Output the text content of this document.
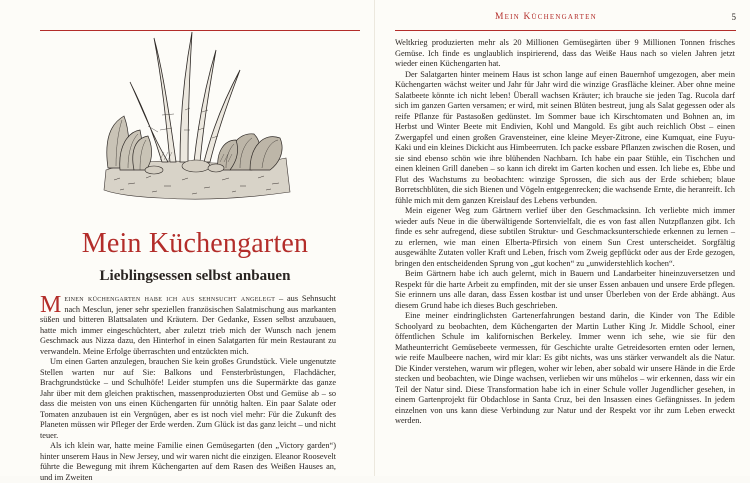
Mein Küchengarten
Lieblingsessen selbst anbauen

Meinen küchengarten habe ich aus sehnsucht angelegt – aus Sehnsucht nach Mesclun, jener sehr speziellen französischen Salatmischung aus markanten süßen und bitteren Blattsalaten und Kräutern. Der Gedanke, Essen selbst anzubauen, hatte mich immer eingeschüchtert, aber zuletzt trieb mich der Wunsch nach jenem Geschmack aus Nizza dazu, den Hinterhof in einen Salatgarten für mein Restaurant zu verwandeln. Meine Erfolge überraschten und entzückten mich.

Um einen Garten anzulegen, brauchen Sie kein großes Grundstück. Viele ungenutzte Stellen warten nur auf Sie: Balkons und Fensterbrüstungen, Flachdächer, Brachgrundstücke – und Schulhöfe! Leider stumpfen uns die Supermärkte das ganze Jahr über mit dem gleichen praktischen, massenproduzierten Obst und Gemüse ab – so dass die meisten von uns einen Küchengarten für unnötig halten. Ein paar Salate oder Tomaten anzubauen ist ein Vergnügen, aber es ist noch viel mehr: Für die Zukunft des Planeten müssen wir Pfleger der Erde werden. Zum Glück ist das ganz leicht – und nicht teuer.

Als ich klein war, hatte meine Familie einen Gemüsegarten (den „Victory garden“) hinter unserem Haus in New Jersey, und wir waren nicht die einzigen. Eleanor Roosevelt führte die Bewegung mit ihrem Küchengarten auf dem Rasen des Weißen Hauses an, und im Zweiten

Mein Küchengarten	5

Weltkrieg produzierten mehr als 20 Millionen Gemüsegärten über 9 Millionen Tonnen frisches Gemüse. Ich finde es unglaublich inspirierend, dass das Weiße Haus nach so vielen Jahren jetzt wieder einen Küchengarten hat.

Der Salatgarten hinter meinem Haus ist schon lange auf einen Bauernhof umgezogen, aber mein Küchengarten wächst weiter und Jahr für Jahr wird die winzige Grasfläche kleiner. Aber ohne meine Salatbeete könnte ich nicht leben! Überall wachsen Kräuter; ich brauche sie jeden Tag. Rucola darf sich im ganzen Garten versamen; er wird, mit seinen Blüten bestreut, jung als Salat gegessen oder als reife Pflanze für Pastasoßen gedünstet. Im Sommer baue ich Kirschtomaten und Bohnen an, im Herbst und Winter Beete mit Endivien, Kohl und Mangold. Es gibt auch reichlich Obst – einen Zwergapfel und einen großen Gravensteiner, eine kleine Meyer-Zitrone, eine Kumquat, eine Fuyu-Kaki und ein kleines Dickicht aus Himbeerruten. Ich packe essbare Pflanzen zwischen die Rosen, und sie sind ebenso schön wie ihre blühenden Nachbarn. Ich habe ein paar Stühle, ein Tischchen und einen kleinen Grill daneben – so kann ich direkt im Garten kochen und essen. Ich liebe es, Ebbe und Flut des Wachstums zu beobachten: winzige Sprossen, die sich aus der Erde schieben; blaue Borretschblüten, die sich Bienen und Vögeln entgegenrecken; die wachsende Ernte, die heranreift. Ich fühle mich mit dem ganzen Kreislauf des Lebens verbunden.

Mein eigener Weg zum Gärtnern verlief über den Geschmacksinn. Ich verliebte mich immer wieder aufs Neue in die überwältigende Sortenvielfalt, die es von fast allen Nutzpflanzen gibt. Ich finde es sehr aufregend, diese subtilen Struktur- und Geschmacksunterschiede erkennen zu lernen – zu erlernen, wie man einen Elberta-Pfirsich von einem Sun Crest unterscheidet. Sorgfältig ausgewählte Zutaten voller Kraft und Leben, frisch vom Zweig gepflückt oder aus der Erde gezogen, bringen den entscheidenden Sprung von „gut kochen“ zu „unwiderstehlich kochen“.

Beim Gärtnern habe ich auch gelernt, mich in Bauern und Landarbeiter hineinzuversetzen und Respekt für die harte Arbeit zu empfinden, mit der sie unser Essen anbauen und unsere Erde pflegen. Sie erinnern uns alle daran, dass Essen kostbar ist und unser Überleben von der Erde abhängt. Aus diesem Grund habe ich dieses Buch geschrieben.

Eine meiner eindringlichsten Gartenerfahrungen bestand darin, die Kinder von The Edible Schoolyard zu beobachten, dem Küchengarten der Martin Luther King Jr. Middle School, einer öffentlichen Schule im kalifornischen Berkeley. Immer wenn ich sehe, wie sie für den Matheunterricht Gemüsebeete vermessen, für Geschichte uralte Getreidesorten ernten oder lernen, wie reife Maulbeere nachen, wird mir klar: Es gibt nichts, was uns stärker verwandelt als die Natur. Die Kinder verstehen, warum wir pflegen, woher wir leben, aber sobald wir unsere Hände in die Erde stecken und beobachten, wie Dinge wachsen, verlieben wir uns mühelos – wir erkennen, dass wir ein Teil der Natur sind. Diese Transformation habe ich in einer Schule voller Jugendlicher gesehen, in einem Gartenprojekt für Obdachlose in Santa Cruz, bei den Insassen eines Gefängnisses. In jedem einzelnen von uns kann diese Verbindung zur Natur und der Respekt vor ihr zum Leben erweckt werden.
